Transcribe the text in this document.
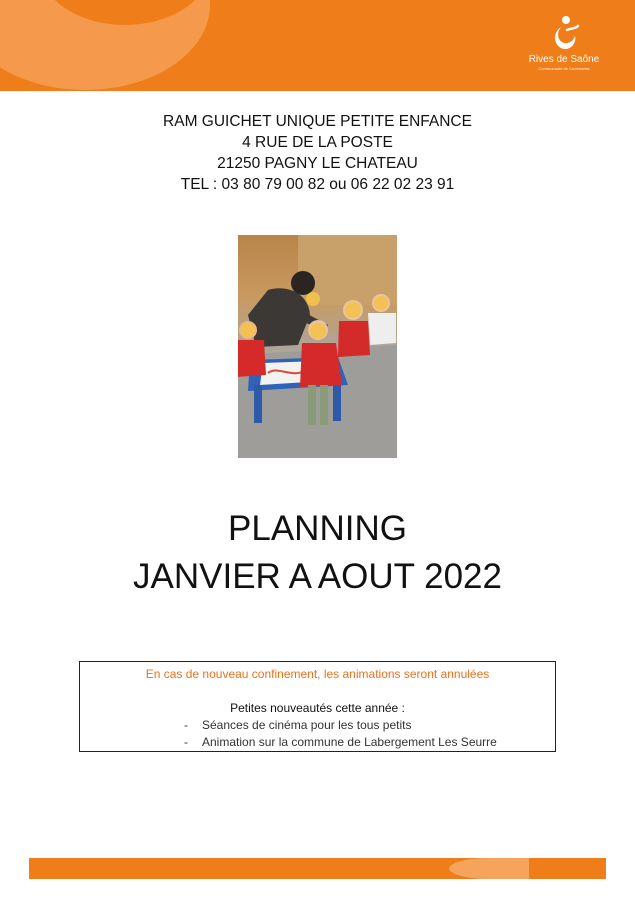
Rives de Saône
Communauté de Communes
RAM GUICHET UNIQUE PETITE ENFANCE
4 RUE DE LA POSTE
21250 PAGNY LE CHATEAU
TEL : 03 80 79 00 82 ou 06 22 02 23 91
PLANNING
JANVIER A AOUT 2022
En cas de nouveau confinement, les animations seront annulées
Petites nouveautés cette année :
- Séances de cinéma pour les tous petits
- Animation sur la commune de Labergement Les Seurre
